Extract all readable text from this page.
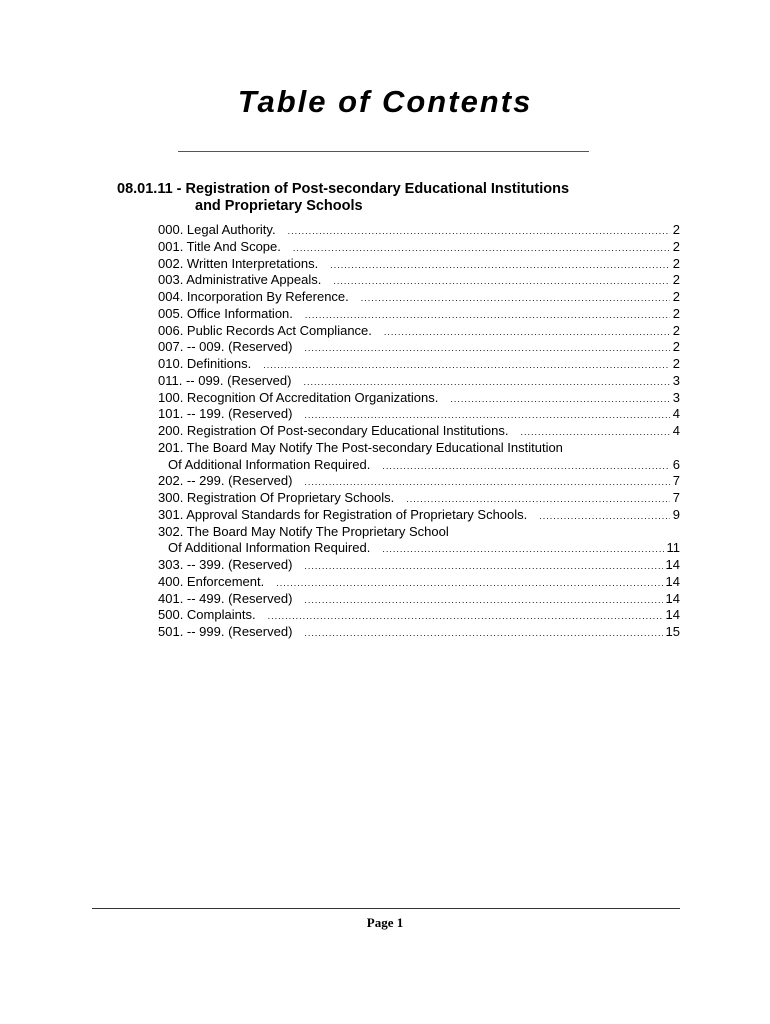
Table of Contents
08.01.11 - Registration of Post-secondary Educational Institutions
and Proprietary Schools
000. Legal Authority. .....	2
001. Title And Scope. .....	2
002. Written Interpretations. .....	2
003. Administrative Appeals. .....	2
004. Incorporation By Reference. .....	2
005. Office Information. .....	2
006. Public Records Act Compliance. .....	2
007. -- 009. (Reserved) .....	2
010. Definitions. .....	2
011. -- 099. (Reserved) .....	3
100. Recognition Of Accreditation Organizations. .....	3
101. -- 199. (Reserved) .....	4
200. Registration Of Post-secondary Educational Institutions. .....	4
201. The Board May Notify The Post-secondary Educational Institution
Of Additional Information Required. .....	6
202. -- 299. (Reserved) .....	7
300. Registration Of Proprietary Schools. .....	7
301. Approval Standards for Registration of Proprietary Schools. .....	9
302. The Board May Notify The Proprietary School
Of Additional Information Required. .....	11
303. -- 399. (Reserved) .....	14
400. Enforcement. .....	14
401. -- 499. (Reserved) .....	14
500. Complaints. .....	14
501. -- 999. (Reserved) .....	15
Page 1
